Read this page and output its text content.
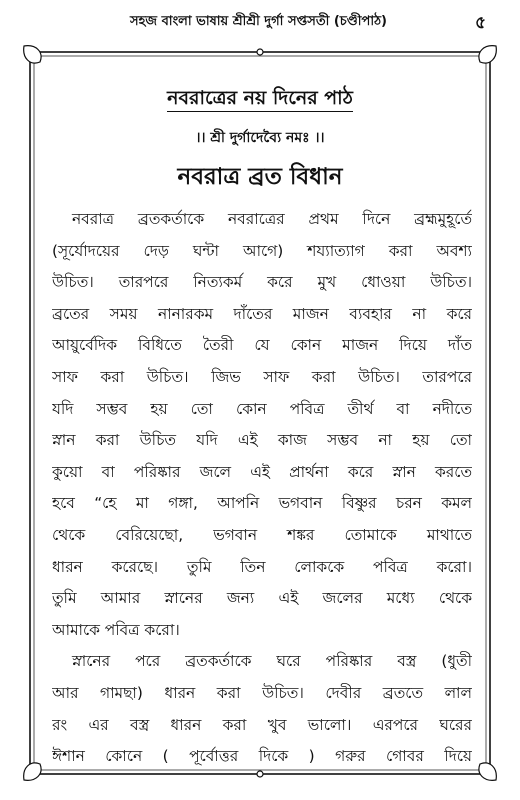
সহজ বাংলা ভাষায় শ্রীশ্রী দুর্গা সপ্তসতী (চণ্ডীপাঠ)	৫
নবরাত্রের নয় দিনের পাঠ
।। শ্রী দুর্গাদেব্যৈ নমঃ ।।
নবরাত্র ব্রত বিধান
নবরাত্র ব্রতকর্তাকে নবরাত্রের প্রথম দিনে ব্রহ্মমুহূর্তে
(সূর্যোদয়ের দেড় ঘন্টা আগে) শয্যাত্যাগ করা অবশ্য
উচিত। তারপরে নিত্যকর্ম করে মুখ ধোওয়া উচিত।
ব্রতের সময় নানারকম দাঁতের মাজন ব্যবহার না করে
আয়ুর্বেদিক বিধিতে তৈরী যে কোন মাজন দিয়ে দাঁত
সাফ করা উচিত। জিভ সাফ করা উচিত। তারপরে
যদি সম্ভব হয় তো কোন পবিত্র তীর্থ বা নদীতে
স্নান করা উচিত যদি এই কাজ সম্ভব না হয় তো
কুয়ো বা পরিষ্কার জলে এই প্রার্থনা করে স্নান করতে
হবে “হে মা গঙ্গা, আপনি ভগবান বিষ্ণুর চরন কমল
থেকে বেরিয়েছো, ভগবান শঙ্কর তোমাকে মাথাতে
ধারন করেছে। তুমি তিন লোককে পবিত্র করো।
তুমি আমার স্নানের জন্য এই জলের মধ্যে থেকে
আমাকে পবিত্র করো।
স্নানের পরে ব্রতকর্তাকে ঘরে পরিষ্কার বস্ত্র (ধুতী
আর গামছা) ধারন করা উচিত। দেবীর ব্রততে লাল
রং এর বস্ত্র ধারন করা খুব ভালো। এরপরে ঘরের
ঈশান কোনে ( পূর্বোত্তর দিকে ) গরুর গোবর দিয়ে
